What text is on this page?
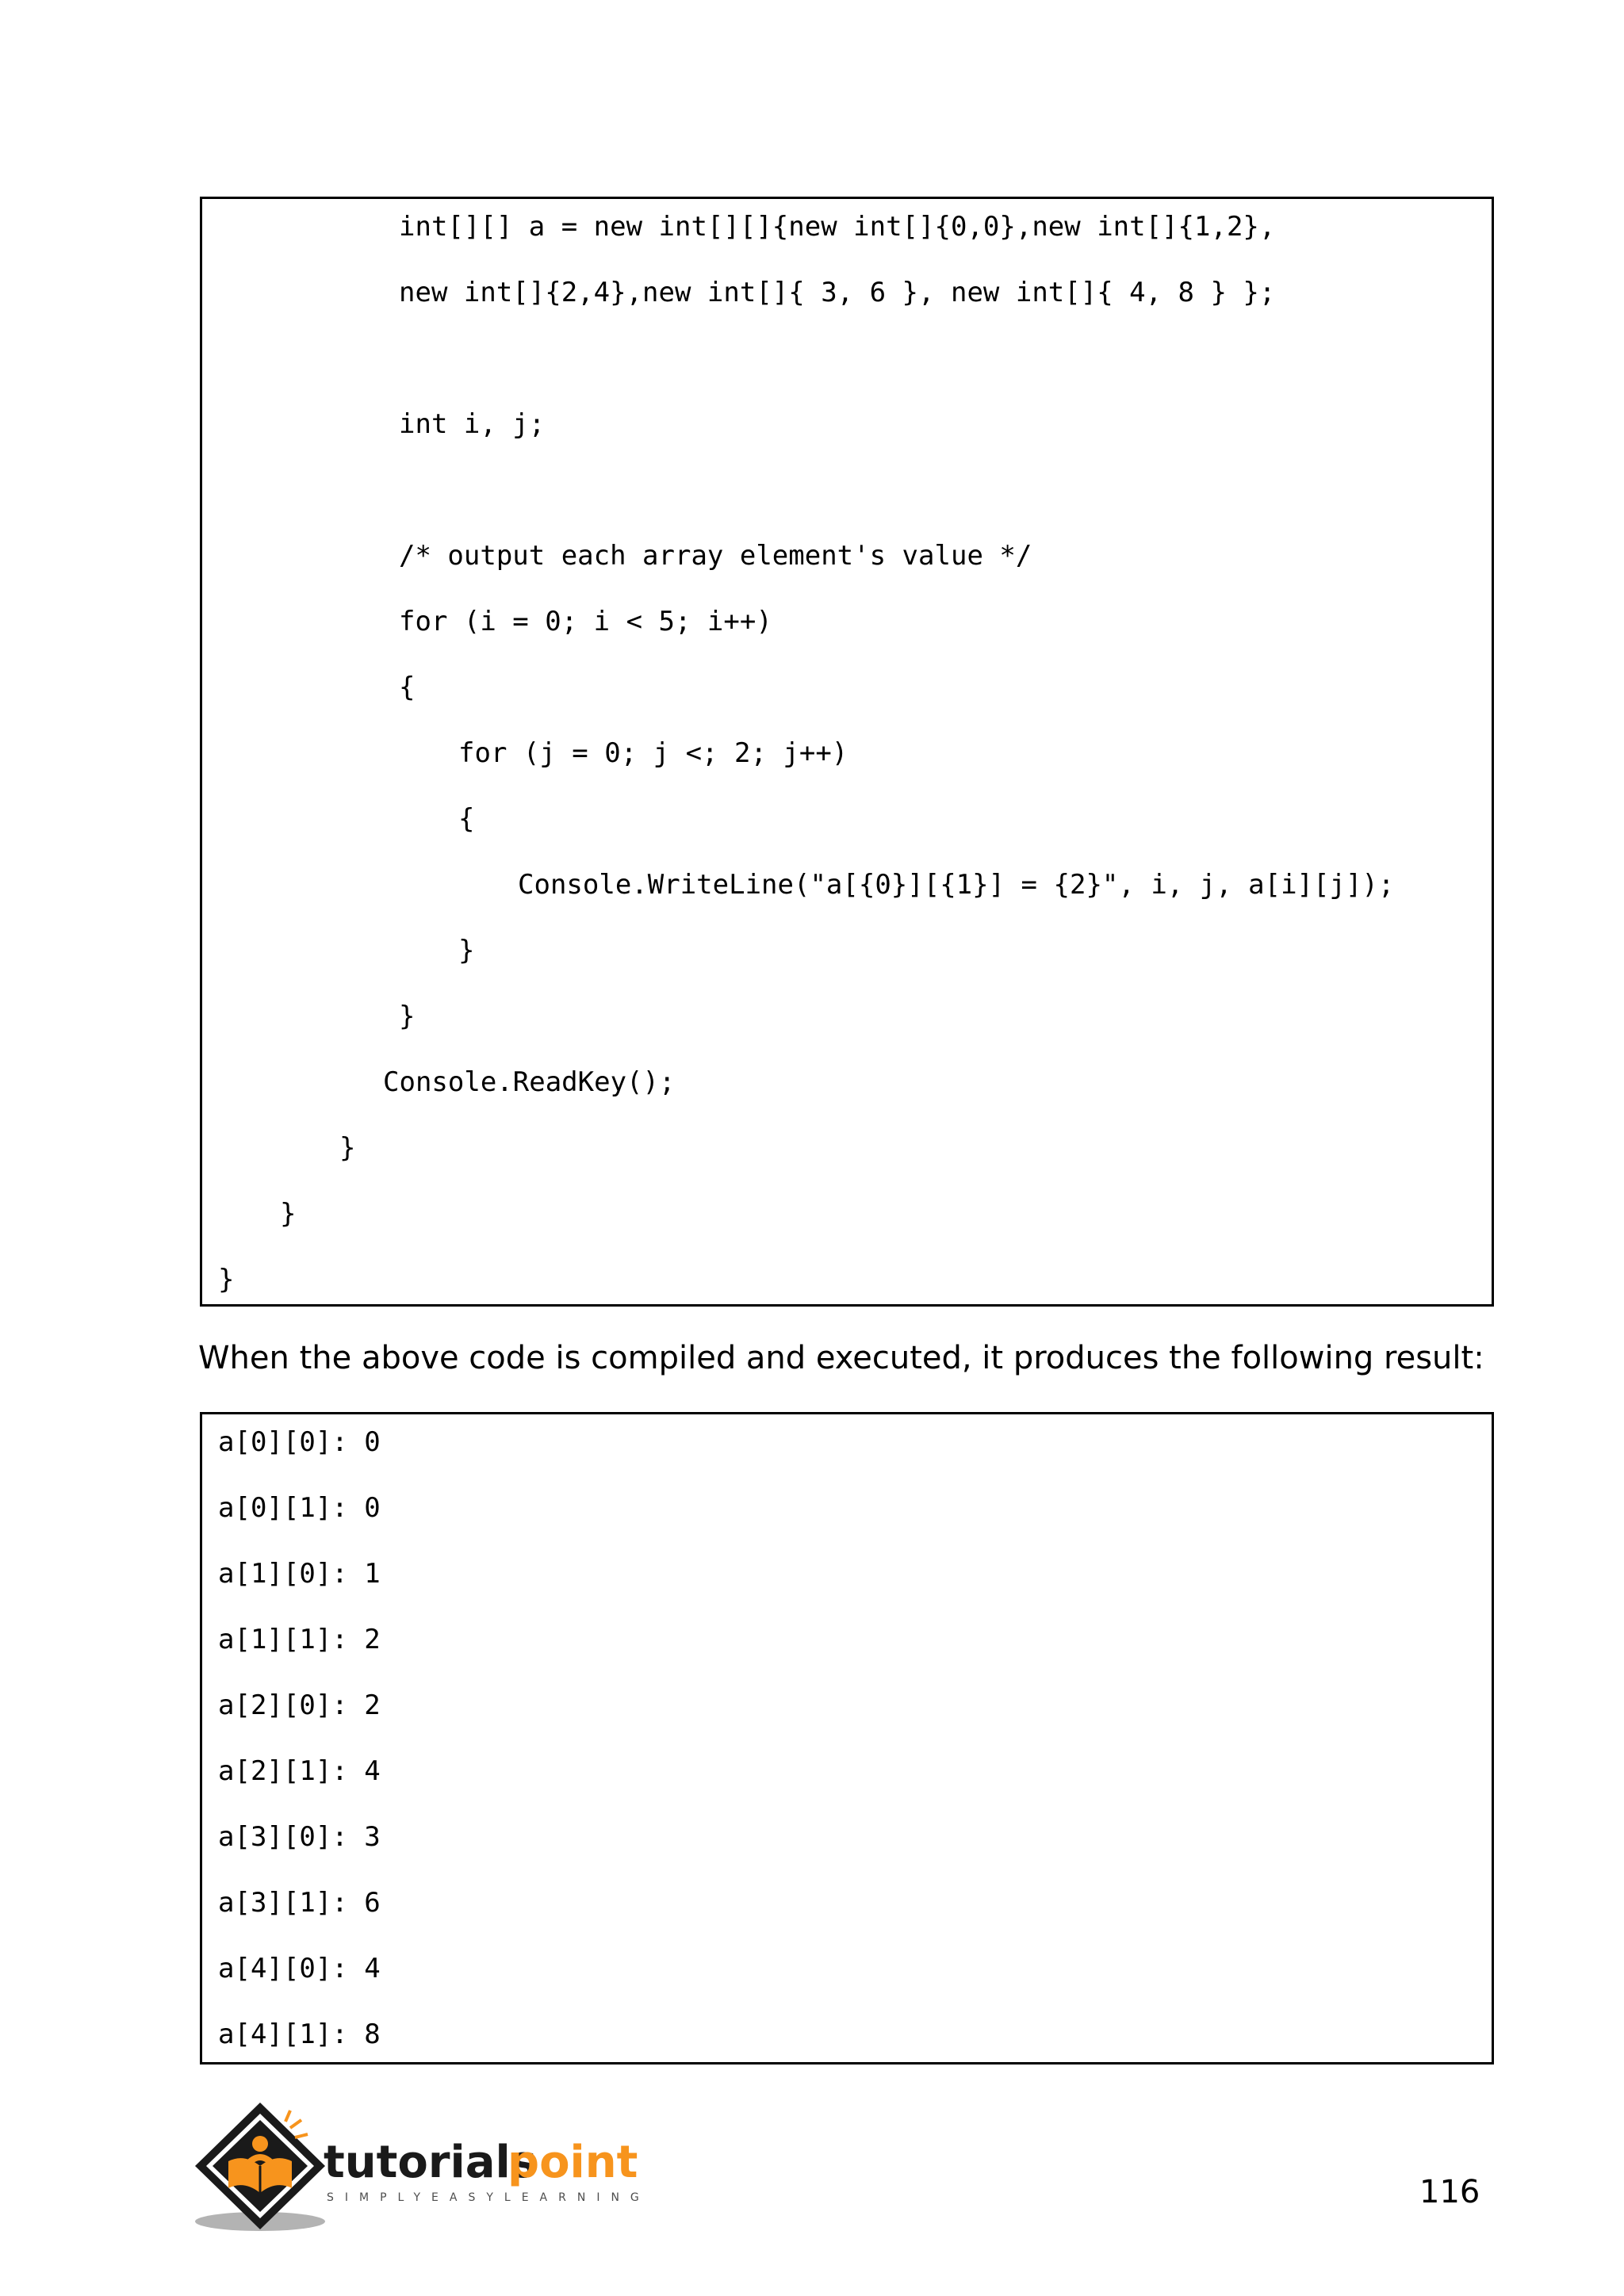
int[][] a = new int[][]{new int[]{0,0},new int[]{1,2},
new int[]{2,4},new int[]{ 3, 6 }, new int[]{ 4, 8 } };
int i, j;
/* output each array element's value */
for (i = 0; i < 5; i++)
{
for (j = 0; j <; 2; j++)
{
Console.WriteLine("a[{0}][{1}] = {2}", i, j, a[i][j]);
}
}
Console.ReadKey();
}
}
}
When the above code is compiled and executed, it produces the following result:
a[0][0]: 0
a[0][1]: 0
a[1][0]: 1
a[1][1]: 2
a[2][0]: 2
a[2][1]: 4
a[3][0]: 3
a[3][1]: 6
a[4][0]: 4
a[4][1]: 8
tutorials
point
SIMPLYEASYLEARNING	116
